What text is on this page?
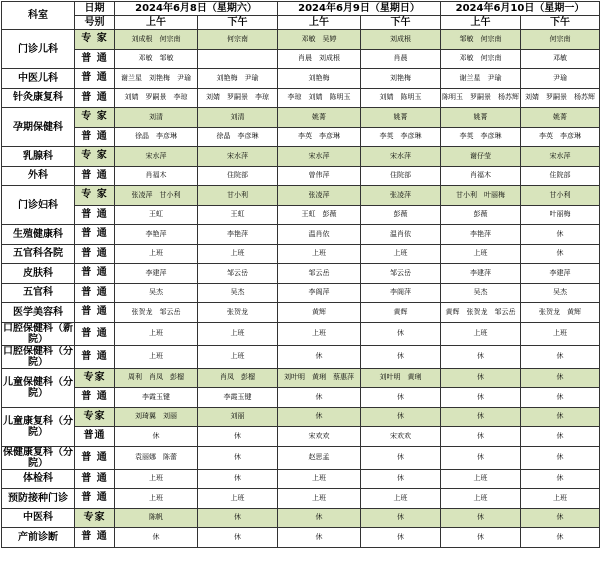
科室	日期	2024年6月8日（星期六）		2024年6月9日（星期日）		2024年6月10日（星期一）	
	号别	上午	下午	上午	下午	上午	下午
门诊儿科	专 家	刘成根　何宗南	何宗南	邓敏　吴婷	刘成根	邹敏　何宗南	何宗南
	普 通	邓敏　邹敏		肖晨　刘成根	肖晨	邓敏　何宗南	邓敏
中医儿科	普 通	谢兰星　刘艳梅　尹瑜	刘艳梅　尹瑜	刘艳梅	刘艳梅	谢兰星　尹瑜	尹瑜
针灸康复科	普 通	刘婧　罗嗣景　李琼	刘婧　罗嗣景　李琼	李琼　刘婧　陈明玉	刘婧　陈明玉	陈明玉　罗嗣景　杨苏辉	刘婧　罗嗣景　杨苏辉
孕期保健科	专 家	刘清	刘清	姚菁	姚菁	姚菁	姚菁
	普 通	徐晶　李彦琳	徐晶　李彦琳	李英　李彦琳	李英　李彦琳	李英　李彦琳	李英　李彦琳
乳腺科	专 家	宋水萍	宋水萍	宋水萍	宋水萍	谢仔莹	宋水萍
外科	普 通	肖福木	住院部	曾伟萍	住院部	肖福木	住院部
门诊妇科	专 家	张凌萍　甘小利	甘小利	张凌萍	张凌萍	甘小利　叶丽梅	甘小利
	普 通	王虹	王虹	王虹　彭薇	彭薇	彭薇	叶丽梅
生殖健康科	普 通	李艳萍	李艳萍	温肖依	温肖依	李艳萍	休
五官科各院	普 通	上班	上班	上班	上班	上班	休
皮肤科	普 通	李建萍	邹云岳	邹云岳	邹云岳	李建萍	李建萍
五官科	普 通	吴杰	吴杰	李阁萍	李阁萍	吴杰	吴杰
医学美容科	普 通	张贺龙　邹云岳	张贺龙	黄辉	黄辉	黄辉　张贺龙　邹云岳	张贺龙　黄辉
口腔保健科（新院）	普 通	上班	上班	上班	休	上班	上班
口腔保健科（分院）	普 通	上班	上班	休	休	休	休
儿童保健科（分院）	专家	周利　肖凤　彭榴	肖凤　彭榴	刘叶明　黄琍　蔡惠萍	刘叶明　黄琍	休	休
	普 通	李霞玉键	李霞玉键	休	休	休	休
儿童康复科（分院）	专家	刘琦翼　刘丽	刘丽	休	休	休	休
	普通	休	休	宋欢欢	宋欢欢	休	休
保健康复科（分院）	普 通	袁丽娜　陈蕾	休	赵思孟	休	休	休
体检科	普 通	上班	休	上班	休	上班	休
预防接种门诊	普 通	上班	上班	上班	上班	上班	上班
中医科	专家	陈帆	休	休	休	休	休
产前诊断	普 通	休	休	休	休	休	休
